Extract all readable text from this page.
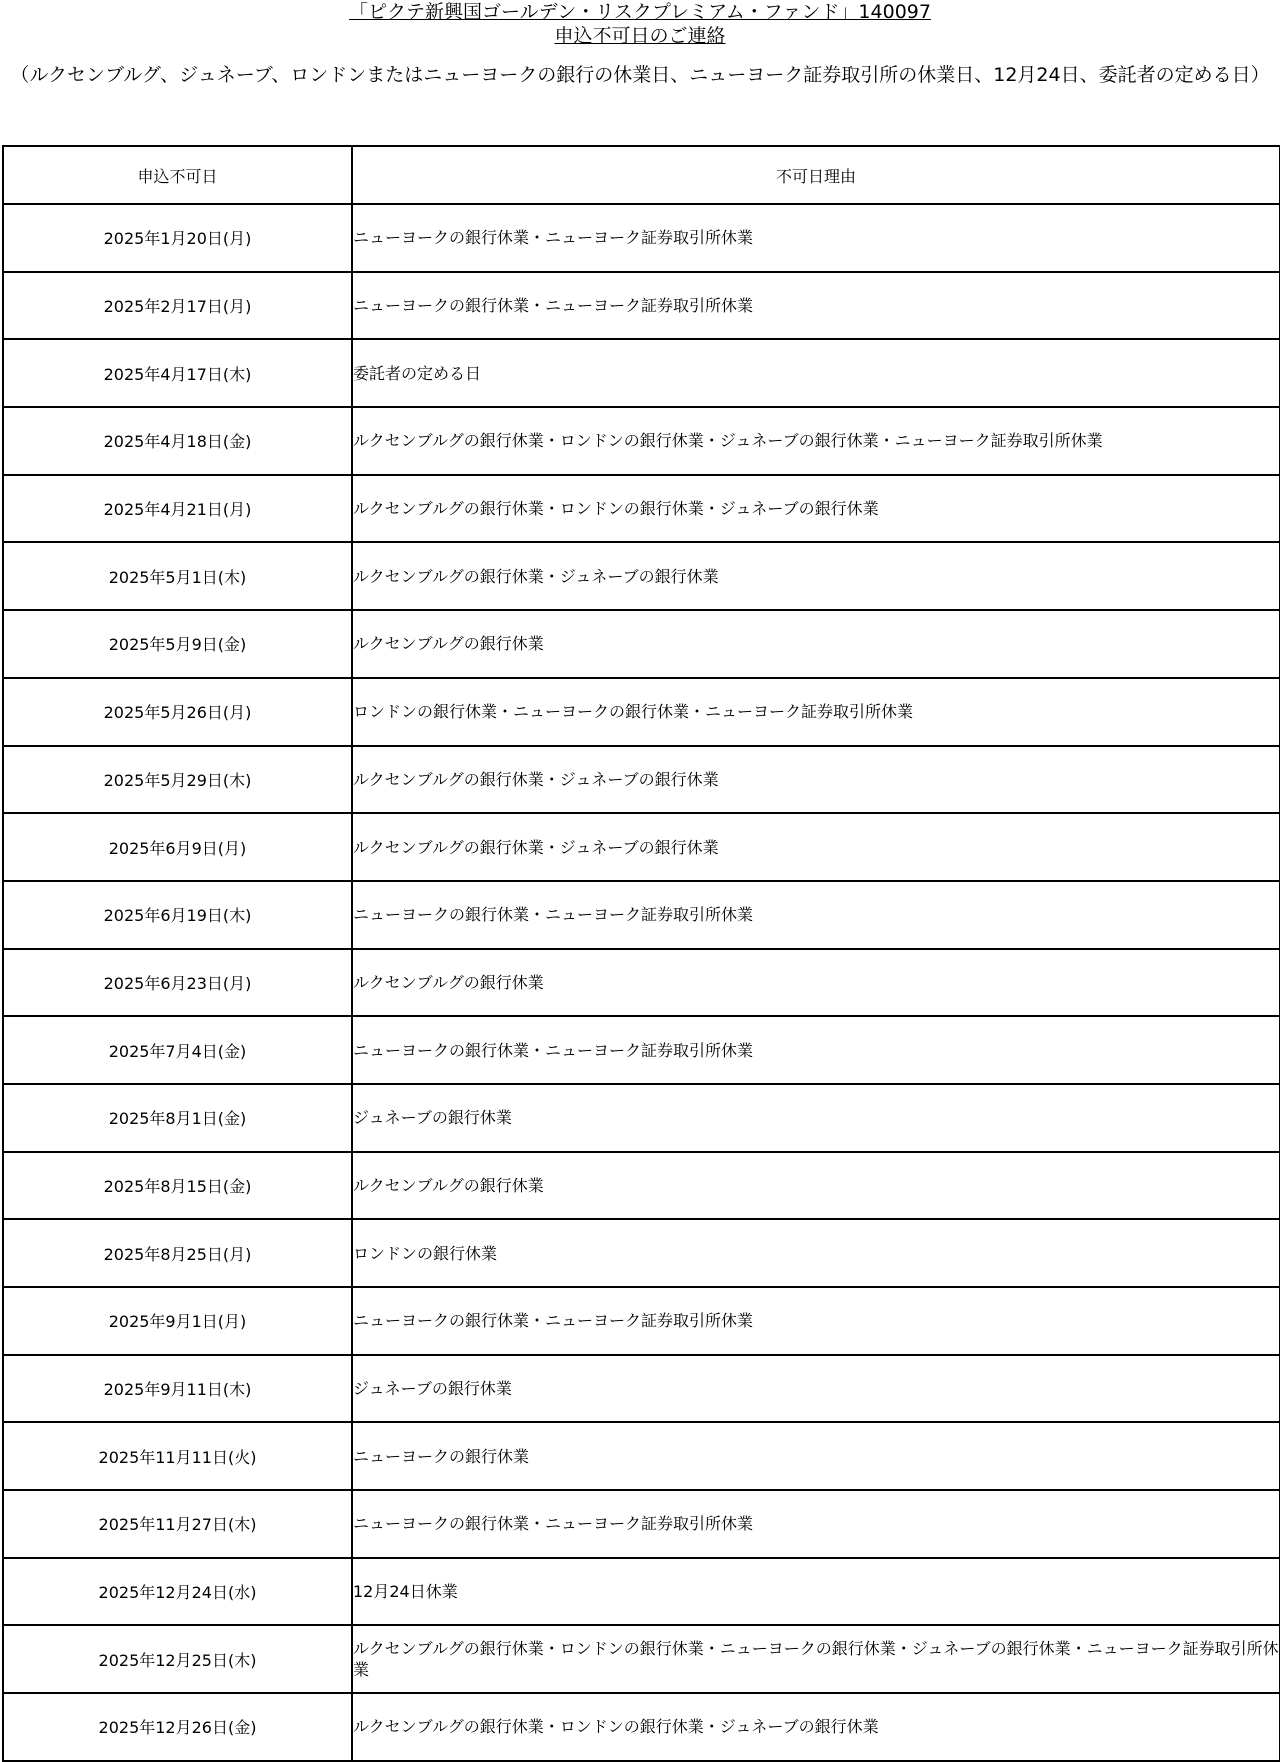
「ピクテ新興国ゴールデン・リスクプレミアム・ファンド」140097
申込不可日のご連絡
（ルクセンブルグ、ジュネーブ、ロンドンまたはニューヨークの銀行の休業日、ニューヨーク証券取引所の休業日、12月24日、委託者の定める日）
申込不可日	不可日理由
2025年1月20日(月)	ニューヨークの銀行休業・ニューヨーク証券取引所休業
2025年2月17日(月)	ニューヨークの銀行休業・ニューヨーク証券取引所休業
2025年4月17日(木)	委託者の定める日
2025年4月18日(金)	ルクセンブルグの銀行休業・ロンドンの銀行休業・ジュネーブの銀行休業・ニューヨーク証券取引所休業
2025年4月21日(月)	ルクセンブルグの銀行休業・ロンドンの銀行休業・ジュネーブの銀行休業
2025年5月1日(木)	ルクセンブルグの銀行休業・ジュネーブの銀行休業
2025年5月9日(金)	ルクセンブルグの銀行休業
2025年5月26日(月)	ロンドンの銀行休業・ニューヨークの銀行休業・ニューヨーク証券取引所休業
2025年5月29日(木)	ルクセンブルグの銀行休業・ジュネーブの銀行休業
2025年6月9日(月)	ルクセンブルグの銀行休業・ジュネーブの銀行休業
2025年6月19日(木)	ニューヨークの銀行休業・ニューヨーク証券取引所休業
2025年6月23日(月)	ルクセンブルグの銀行休業
2025年7月4日(金)	ニューヨークの銀行休業・ニューヨーク証券取引所休業
2025年8月1日(金)	ジュネーブの銀行休業
2025年8月15日(金)	ルクセンブルグの銀行休業
2025年8月25日(月)	ロンドンの銀行休業
2025年9月1日(月)	ニューヨークの銀行休業・ニューヨーク証券取引所休業
2025年9月11日(木)	ジュネーブの銀行休業
2025年11月11日(火)	ニューヨークの銀行休業
2025年11月27日(木)	ニューヨークの銀行休業・ニューヨーク証券取引所休業
2025年12月24日(水)	12月24日休業
2025年12月25日(木)	ルクセンブルグの銀行休業・ロンドンの銀行休業・ニューヨークの銀行休業・ジュネーブの銀行休業・ニューヨーク証券取引所休業
2025年12月26日(金)	ルクセンブルグの銀行休業・ロンドンの銀行休業・ジュネーブの銀行休業
